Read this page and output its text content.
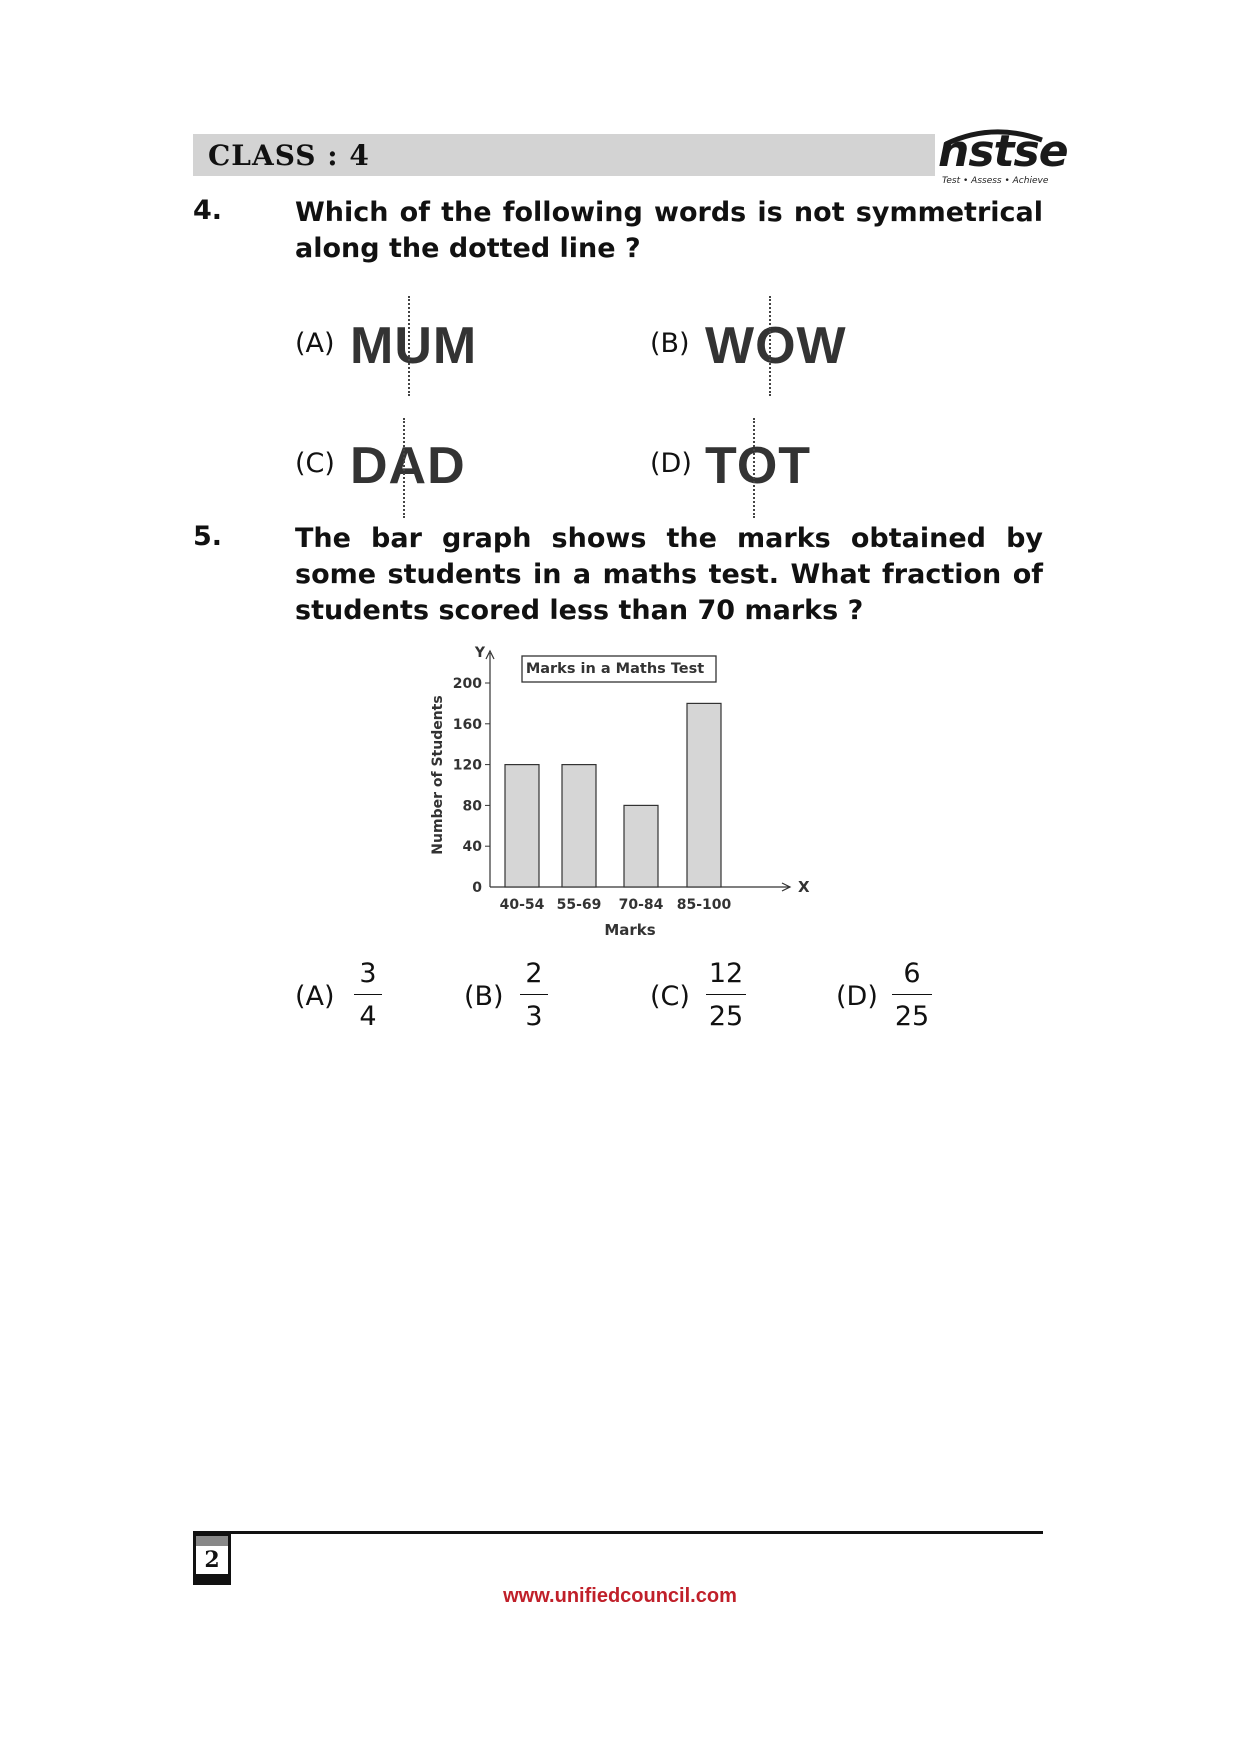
CLASS : 4	nstse
Test • Assess • Achieve
4.	Which of the following words is not symmetrical along the dotted line ?
(A) MUM	(B) WOW
(C) DAD	(D) TOT
5.	The bar graph shows the marks obtained by some students in a maths test. What fraction of students scored less than 70 marks ?
Y
X
0
40
80
120
160
200
40-54 55-69 70-84 85-100
Marks in a Maths Test
Marks
Number of Students
(A)
3
4
(B)
2
3
(C)
12
25
(D)
6
25
2
www.unifiedcouncil.com
